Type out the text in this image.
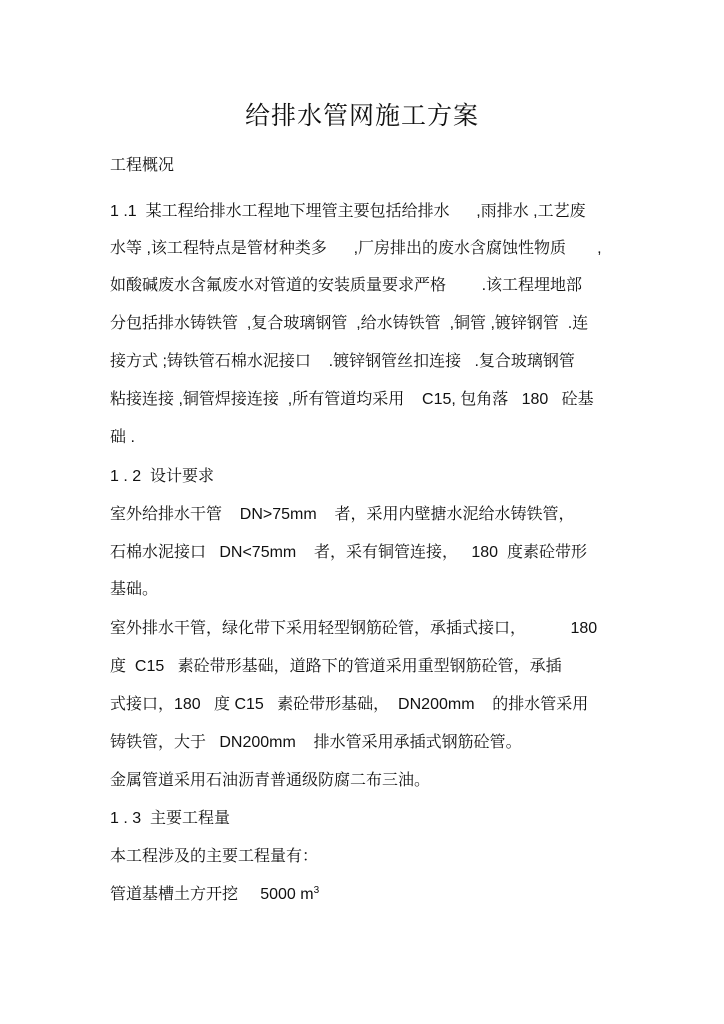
给排水管网施工方案
工程概况
1 .1  某工程给排水工程地下埋管主要包括给排水      ,雨排水 ,工艺废
水等 ,该工程特点是管材种类多      ,厂房排出的废水含腐蚀性物质       ,
如酸碱废水含氟废水对管道的安装质量要求严格        .该工程埋地部
分包括排水铸铁管  ,复合玻璃钢管  ,给水铸铁管  ,铜管 ,镀锌钢管  .连
接方式 ;铸铁管石棉水泥接口    .镀锌钢管丝扣连接   .复合玻璃钢管
粘接连接 ,铜管焊接连接  ,所有管道均采用    C15, 包角落   180   砼基
础 .
1 . 2  设计要求
室外给排水干管    DN>75mm    者，采用内壁搪水泥给水铸铁管，
石棉水泥接口   DN<75mm    者，采有铜管连接，   180  度素砼带形
基础。
室外排水干管，绿化带下采用轻型钢筋砼管，承插式接口，          180
度  C15   素砼带形基础，道路下的管道采用重型钢筋砼管，承插
式接口，180   度 C15   素砼带形基础，  DN200mm    的排水管采用
铸铁管，大于   DN200mm    排水管采用承插式钢筋砼管。
金属管道采用石油沥青普通级防腐二布三油。
1 . 3  主要工程量
本工程涉及的主要工程量有：
管道基槽土方开挖     5000 $m^3$
